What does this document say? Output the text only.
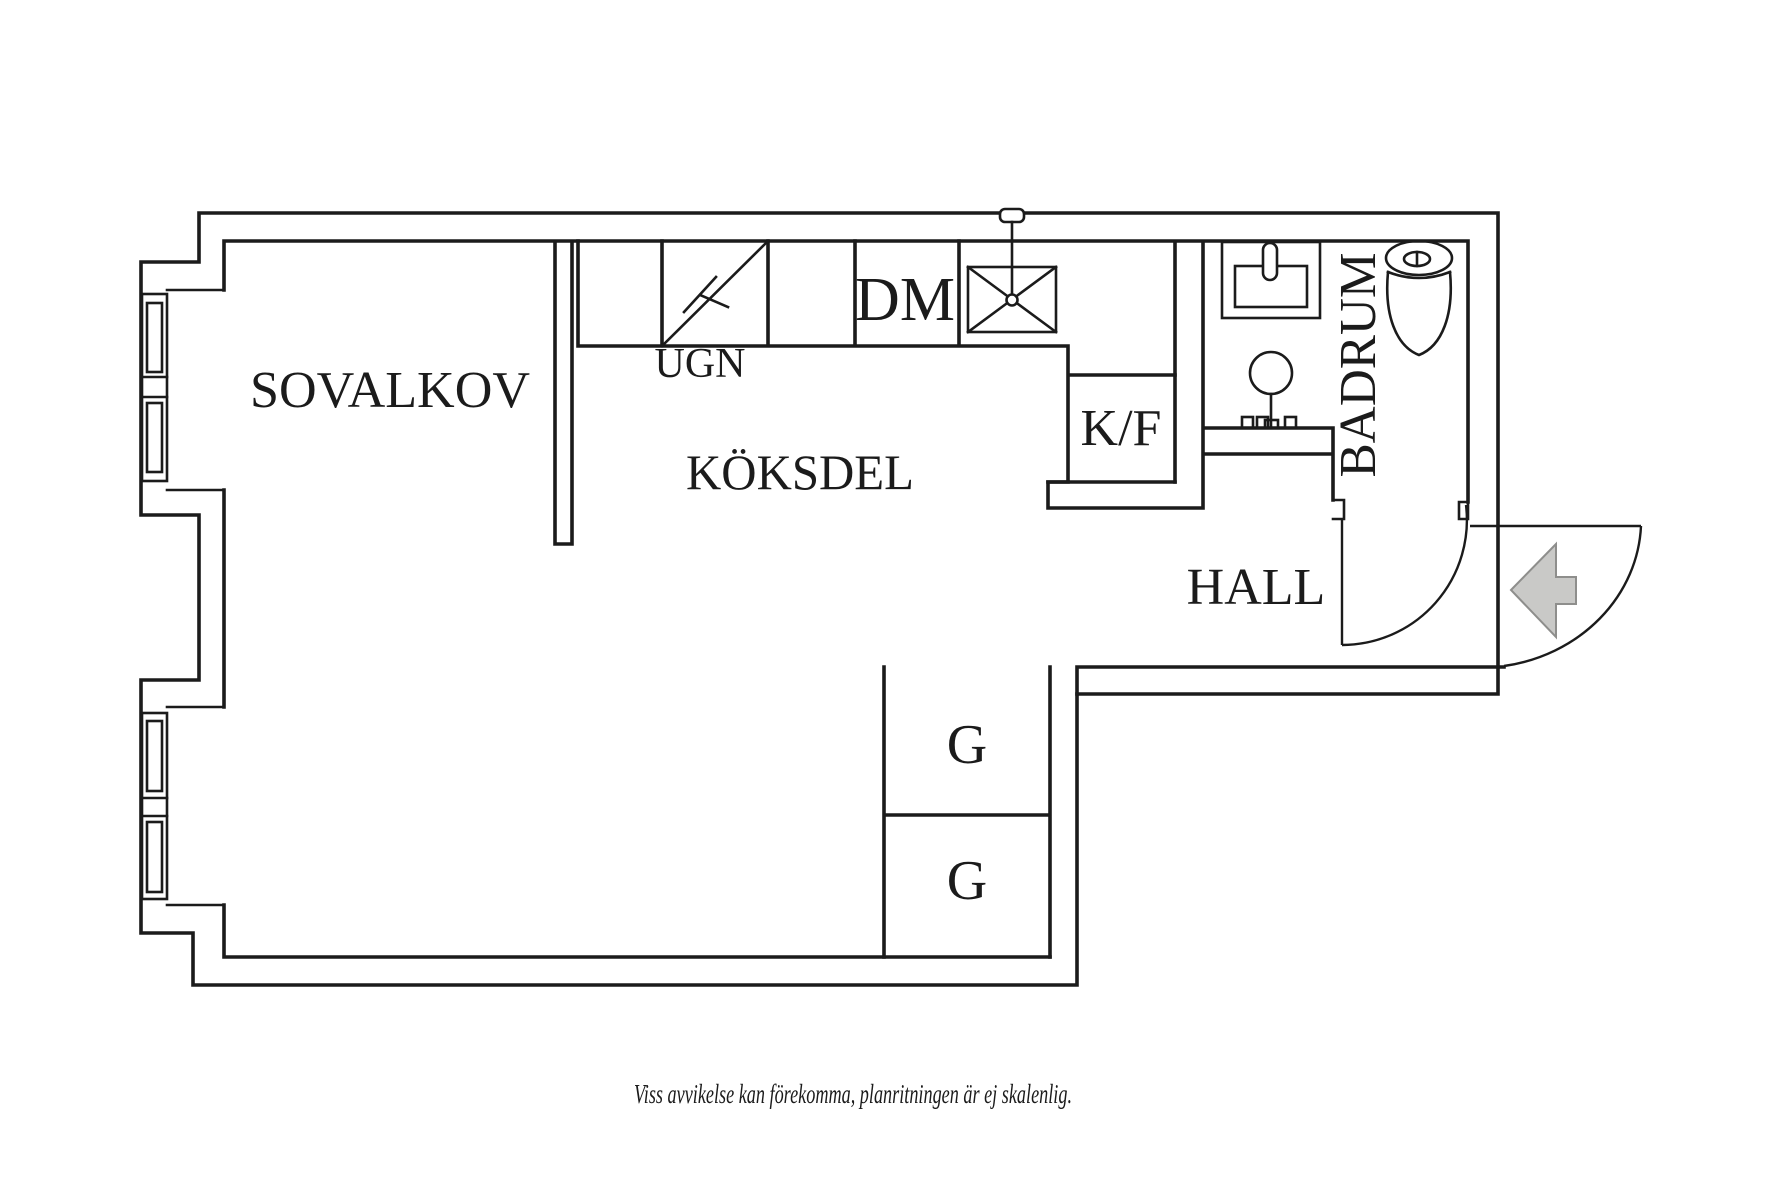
SOVALKOV
KÖKSDEL
UGN
DM
K/F
HALL
BADRUM
G
G
Viss avvikelse kan förekomma, planritningen är ej skalenlig.
